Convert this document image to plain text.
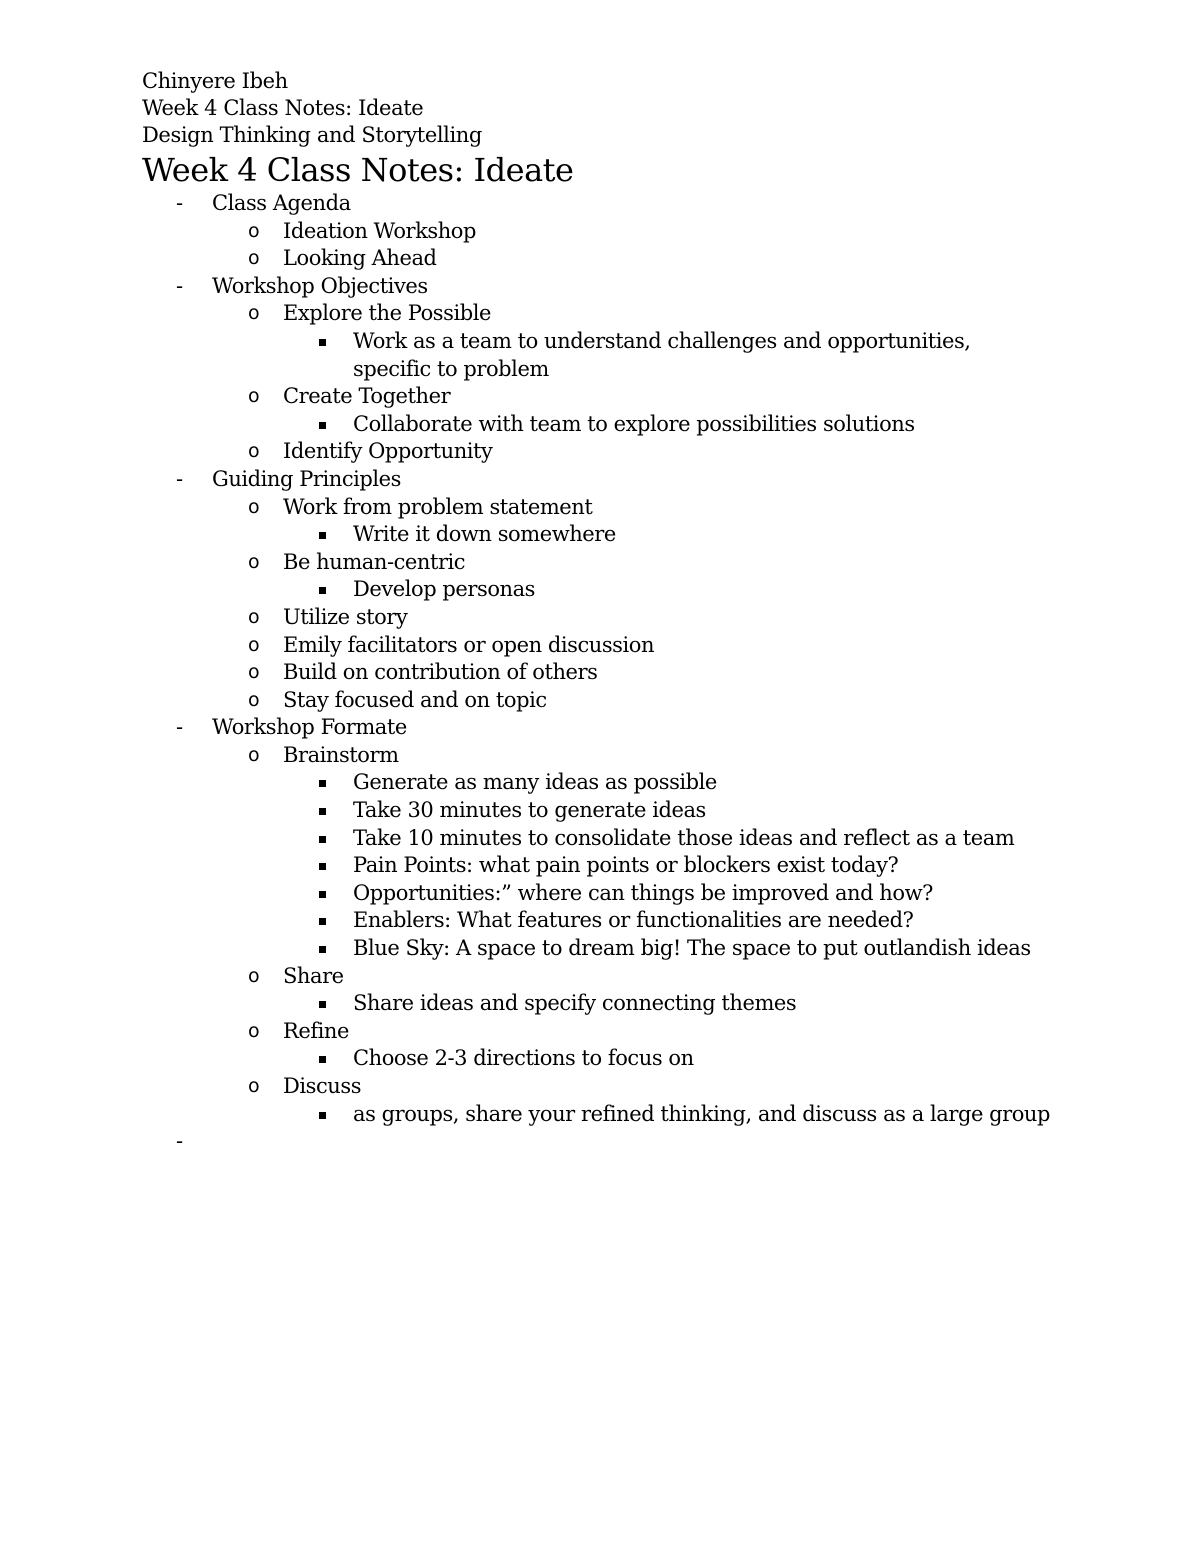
Chinyere Ibeh
Week 4 Class Notes: Ideate
Design Thinking and Storytelling
Week 4 Class Notes: Ideate
- Class Agenda
o Ideation Workshop
o Looking Ahead
- Workshop Objectives
o Explore the Possible
Work as a team to understand challenges and opportunities,
specific to problem
o Create Together
Collaborate with team to explore possibilities solutions
o Identify Opportunity
- Guiding Principles
o Work from problem statement
Write it down somewhere
o Be human-centric
Develop personas
o Utilize story
o Emily facilitators or open discussion
o Build on contribution of others
o Stay focused and on topic
- Workshop Formate
o Brainstorm
Generate as many ideas as possible
Take 30 minutes to generate ideas
Take 10 minutes to consolidate those ideas and reflect as a team
Pain Points: what pain points or blockers exist today?
Opportunities:” where can things be improved and how?
Enablers: What features or functionalities are needed?
Blue Sky: A space to dream big! The space to put outlandish ideas
o Share
Share ideas and specify connecting themes
o Refine
Choose 2-3 directions to focus on
o Discuss
as groups, share your refined thinking, and discuss as a large group
-
